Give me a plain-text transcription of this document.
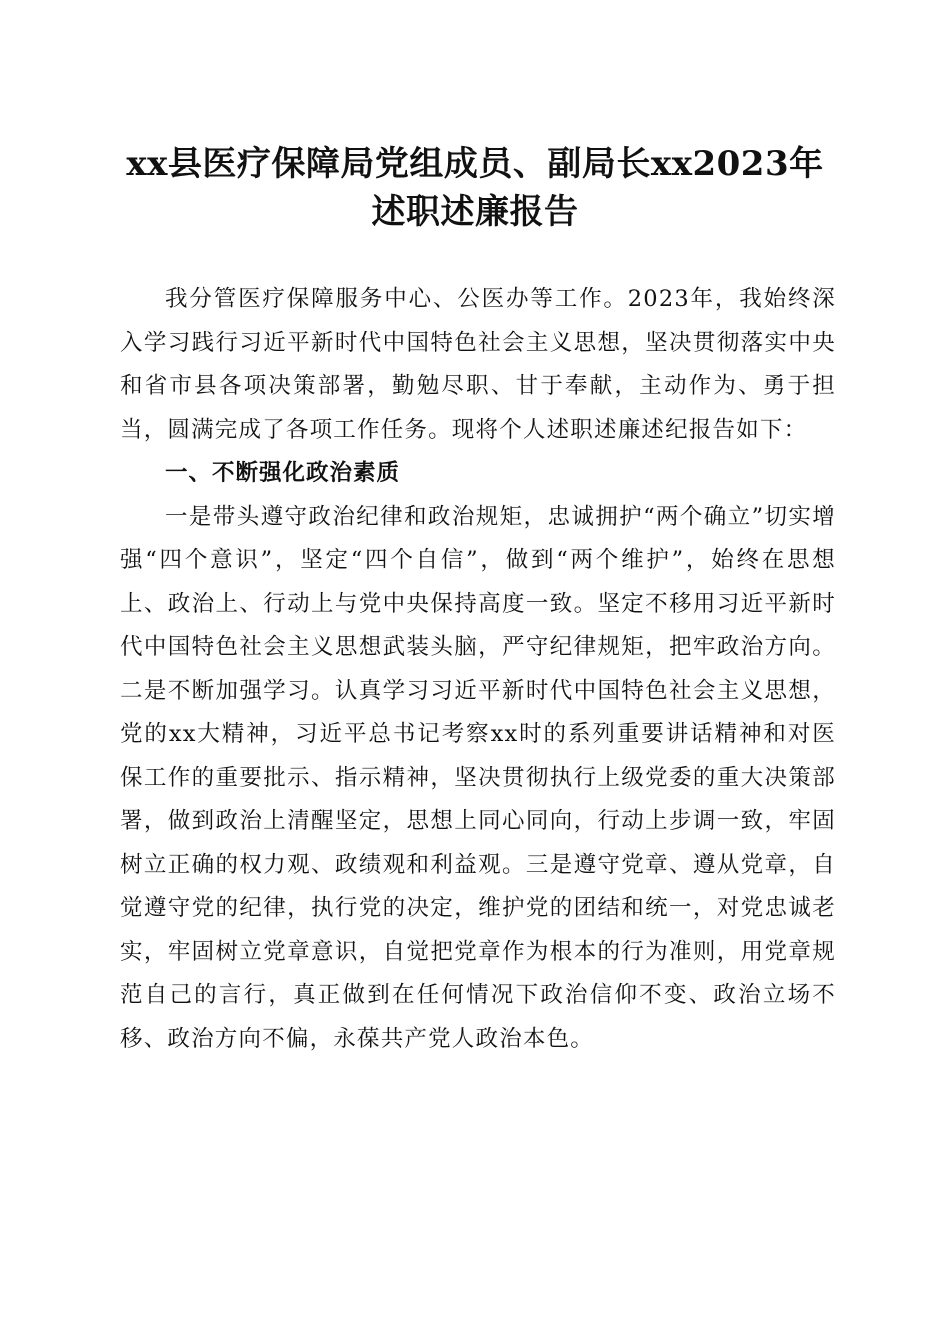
xx县医疗保障局党组成员、副局长xx2023年
述职述廉报告

我分管医疗保障服务中心、公医办等工作。2023年，我始终深入学习践行习近平新时代中国特色社会主义思想，坚决贯彻落实中央和省市县各项决策部署，勤勉尽职、甘于奉献，主动作为、勇于担当，圆满完成了各项工作任务。现将个人述职述廉述纪报告如下：

一、不断强化政治素质

一是带头遵守政治纪律和政治规矩，忠诚拥护“两个确立”切实增强“四个意识”，坚定“四个自信”，做到“两个维护”，始终在思想上、政治上、行动上与党中央保持高度一致。坚定不移用习近平新时代中国特色社会主义思想武装头脑，严守纪律规矩，把牢政治方向。二是不断加强学习。认真学习习近平新时代中国特色社会主义思想，党的xx大精神，习近平总书记考察xx时的系列重要讲话精神和对医保工作的重要批示、指示精神，坚决贯彻执行上级党委的重大决策部署，做到政治上清醒坚定，思想上同心同向，行动上步调一致，牢固树立正确的权力观、政绩观和利益观。三是遵守党章、遵从党章，自觉遵守党的纪律，执行党的决定，维护党的团结和统一，对党忠诚老实，牢固树立党章意识，自觉把党章作为根本的行为准则，用党章规范自己的言行，真正做到在任何情况下政治信仰不变、政治立场不移、政治方向不偏，永葆共产党人政治本色。
